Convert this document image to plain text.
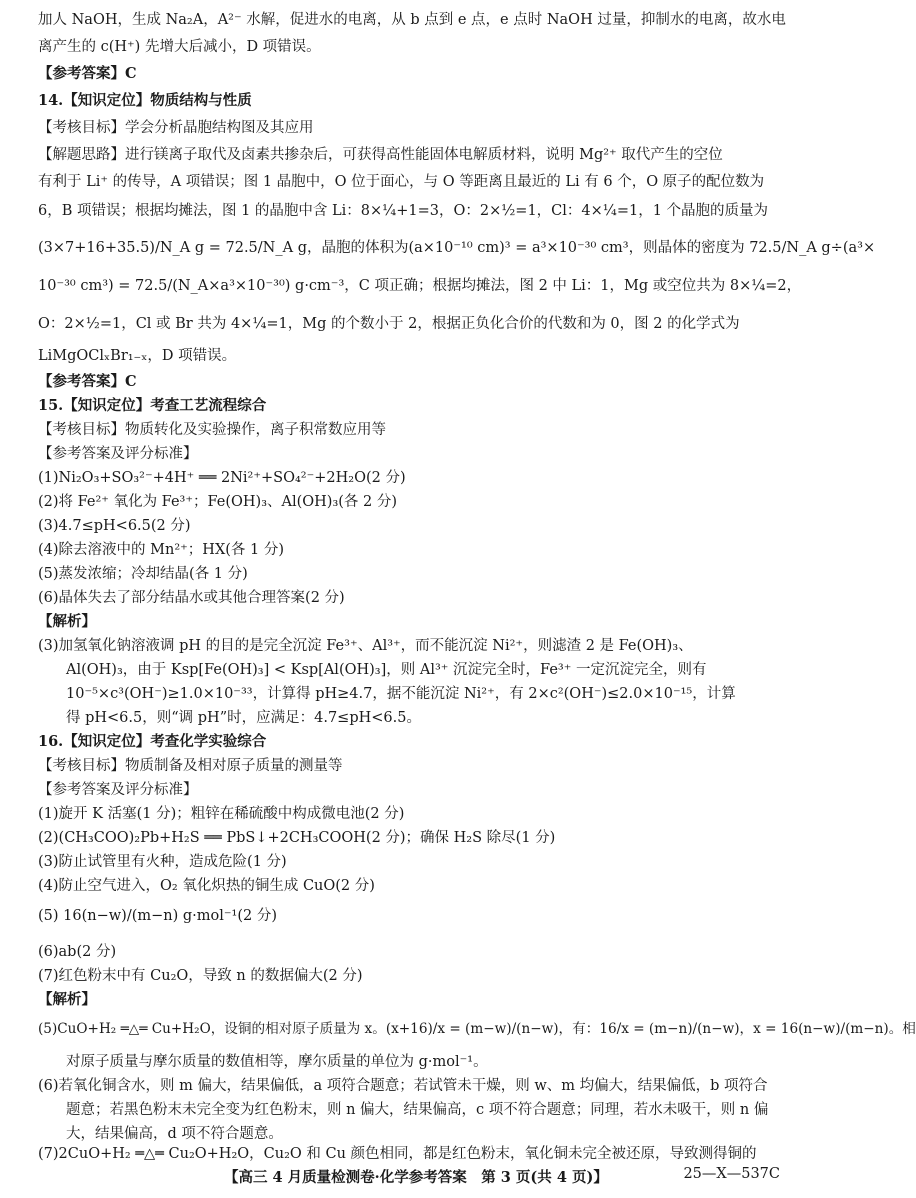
加人 NaOH，生成 Na₂A，A²⁻ 水解，促进水的电离，从 b 点到 e 点，e 点时 NaOH 过量，抑制水的电离，故水电
离产生的 c(H⁺) 先增大后减小，D 项错误。
【参考答案】C
14.【知识定位】物质结构与性质
【考核目标】学会分析晶胞结构图及其应用
【解题思路】进行镁离子取代及卤素共掺杂后，可获得高性能固体电解质材料，说明 Mg²⁺ 取代产生的空位
有利于 Li⁺ 的传导，A 项错误；图 1 晶胞中，O 位于面心，与 O 等距离且最近的 Li 有 6 个，O 原子的配位数为
6，B 项错误；根据均摊法，图 1 的晶胞中含 Li：8×¼+1=3，O：2×½=1，Cl：4×¼=1，1 个晶胞的质量为
(3×7+16+35.5)/N_A g = 72.5/N_A g，晶胞的体积为(a×10⁻¹⁰ cm)³ = a³×10⁻³⁰ cm³，则晶体的密度为 72.5/N_A g÷(a³×
10⁻³⁰ cm³) = 72.5/(N_A×a³×10⁻³⁰) g·cm⁻³，C 项正确；根据均摊法，图 2 中 Li：1，Mg 或空位共为 8×¼=2，
O：2×½=1，Cl 或 Br 共为 4×¼=1，Mg 的个数小于 2，根据正负化合价的代数和为 0，图 2 的化学式为
LiMgOClₓBr₁₋ₓ，D 项错误。
【参考答案】C
15.【知识定位】考查工艺流程综合
【考核目标】物质转化及实验操作，离子积常数应用等
【参考答案及评分标准】
(1)Ni₂O₃+SO₃²⁻+4H⁺ ══ 2Ni²⁺+SO₄²⁻+2H₂O(2 分)
(2)将 Fe²⁺ 氧化为 Fe³⁺；Fe(OH)₃、Al(OH)₃(各 2 分)
(3)4.7≤pH<6.5(2 分)
(4)除去溶液中的 Mn²⁺；HX(各 1 分)
(5)蒸发浓缩；冷却结晶(各 1 分)
(6)晶体失去了部分结晶水或其他合理答案(2 分)
【解析】
(3)加氢氧化钠溶液调 pH 的目的是完全沉淀 Fe³⁺、Al³⁺，而不能沉淀 Ni²⁺，则滤渣 2 是 Fe(OH)₃、
Al(OH)₃，由于 Ksp[Fe(OH)₃] < Ksp[Al(OH)₃]，则 Al³⁺ 沉淀完全时，Fe³⁺ 一定沉淀完全，则有
10⁻⁵×c³(OH⁻)≥1.0×10⁻³³，计算得 pH≥4.7，据不能沉淀 Ni²⁺，有 2×c²(OH⁻)≤2.0×10⁻¹⁵，计算
得 pH<6.5，则“调 pH”时，应满足：4.7≤pH<6.5。
16.【知识定位】考查化学实验综合
【考核目标】物质制备及相对原子质量的测量等
【参考答案及评分标准】
(1)旋开 K 活塞(1 分)；粗锌在稀硫酸中构成微电池(2 分)
(2)(CH₃COO)₂Pb+H₂S ══ PbS↓+2CH₃COOH(2 分)；确保 H₂S 除尽(1 分)
(3)防止试管里有火种，造成危险(1 分)
(4)防止空气进入，O₂ 氧化炽热的铜生成 CuO(2 分)
(5) 16(n−w)/(m−n) g·mol⁻¹(2 分)
(6)ab(2 分)
(7)红色粉末中有 Cu₂O，导致 n 的数据偏大(2 分)
【解析】
(5)CuO+H₂ ═△═ Cu+H₂O，设铜的相对原子质量为 x。(x+16)/x = (m−w)/(n−w)，有：16/x = (m−n)/(n−w)，x = 16(n−w)/(m−n)。相
对原子质量与摩尔质量的数值相等，摩尔质量的单位为 g·mol⁻¹。
(6)若氧化铜含水，则 m 偏大，结果偏低，a 项符合题意；若试管未干燥，则 w、m 均偏大，结果偏低，b 项符合
题意；若黑色粉末未完全变为红色粉末，则 n 偏大，结果偏高，c 项不符合题意；同理，若水未吸干，则 n 偏
大，结果偏高，d 项不符合题意。
(7)2CuO+H₂ ═△═ Cu₂O+H₂O，Cu₂O 和 Cu 颜色相同，都是红色粉末，氧化铜未完全被还原，导致测得铜的
【高三 4 月质量检测卷·化学参考答案　第 3 页(共 4 页)】	25—X—537C
